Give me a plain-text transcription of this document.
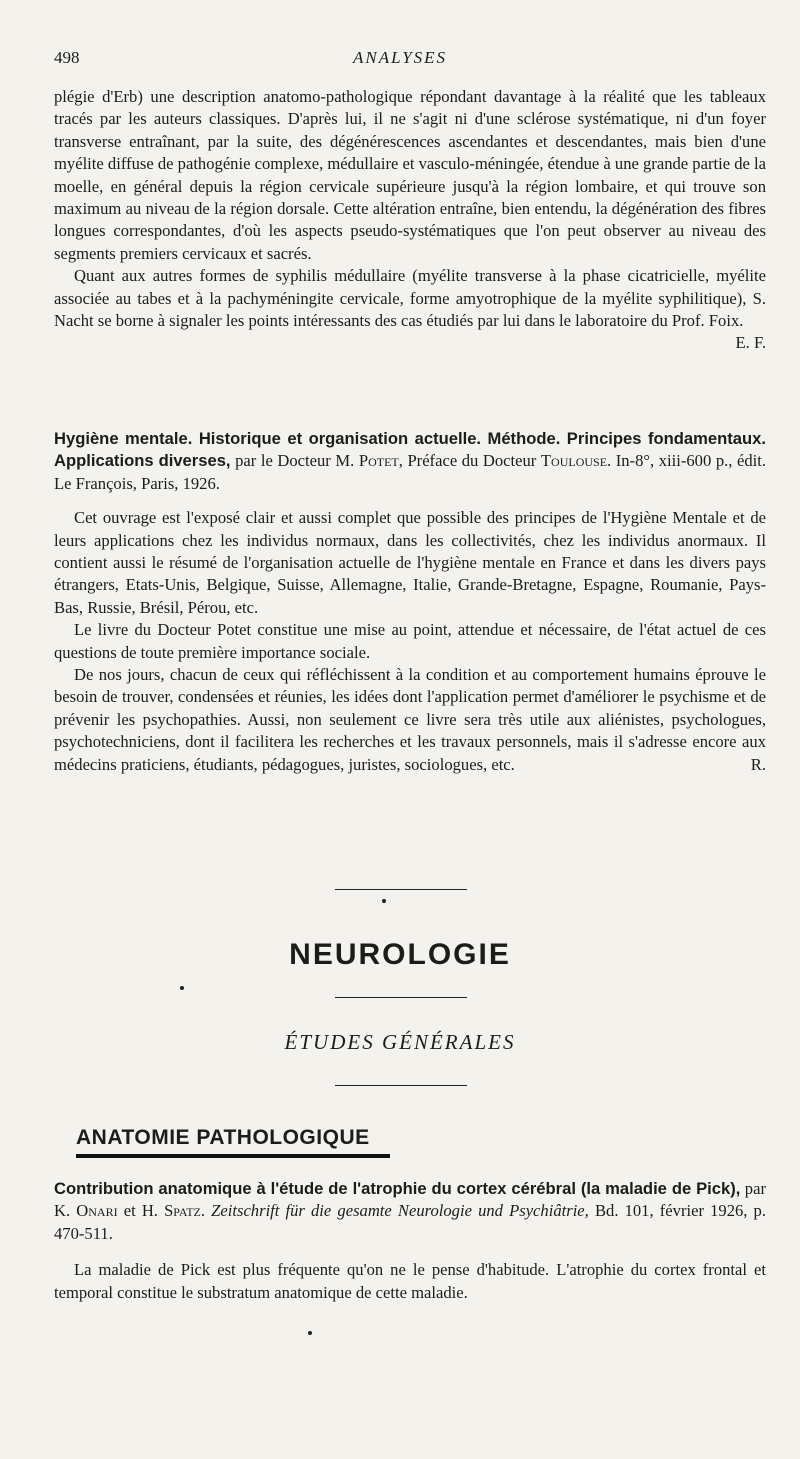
498	ANALYSES

plégie d'Erb) une description anatomo-pathologique répondant davantage à la réalité que les tableaux tracés par les auteurs classiques. D'après lui, il ne s'agit ni d'une sclérose systématique, ni d'un foyer transverse entraînant, par la suite, des dégénérescences ascendantes et descendantes, mais bien d'une myélite diffuse de pathogénie complexe, médullaire et vasculo-méningée, étendue à une grande partie de la moelle, en général depuis la région cervicale supérieure jusqu'à la région lombaire, et qui trouve son maximum au niveau de la région dorsale. Cette altération entraîne, bien entendu, la dégénération des fibres longues correspondantes, d'où les aspects pseudo-systématiques que l'on peut observer au niveau des segments premiers cervicaux et sacrés.

Quant aux autres formes de syphilis médullaire (myélite transverse à la phase cicatricielle, myélite associée au tabes et à la pachyméningite cervicale, forme amyotrophique de la myélite syphilitique), S. Nacht se borne à signaler les points intéressants des cas étudiés par lui dans le laboratoire du Prof. Foix.
E. F.

Hygiène mentale. Historique et organisation actuelle. Méthode. Principes fondamentaux. Applications diverses, par le Docteur M. Potet, Préface du Docteur Toulouse. In-8°, xiii-600 p., édit. Le François, Paris, 1926.

Cet ouvrage est l'exposé clair et aussi complet que possible des principes de l'Hygiène Mentale et de leurs applications chez les individus normaux, dans les collectivités, chez les individus anormaux. Il contient aussi le résumé de l'organisation actuelle de l'hygiène mentale en France et dans les divers pays étrangers, Etats-Unis, Belgique, Suisse, Allemagne, Italie, Grande-Bretagne, Espagne, Roumanie, Pays-Bas, Russie, Brésil, Pérou, etc.

Le livre du Docteur Potet constitue une mise au point, attendue et nécessaire, de l'état actuel de ces questions de toute première importance sociale.

De nos jours, chacun de ceux qui réfléchissent à la condition et au comportement humains éprouve le besoin de trouver, condensées et réunies, les idées dont l'application permet d'améliorer le psychisme et de prévenir les psychopathies. Aussi, non seulement ce livre sera très utile aux aliénistes, psychologues, psychotechniciens, dont il facilitera les recherches et les travaux personnels, mais il s'adresse encore aux médecins praticiens, étudiants, pédagogues, juristes, sociologues, etc.	R.

NEUROLOGIE
ÉTUDES GÉNÉRALES
ANATOMIE PATHOLOGIQUE

Contribution anatomique à l'étude de l'atrophie du cortex cérébral (la maladie de Pick), par K. Onari et H. Spatz. Zeitschrift für die gesamte Neurologie und Psychiâtrie, Bd. 101, février 1926, p. 470-511.

La maladie de Pick est plus fréquente qu'on ne le pense d'habitude. L'atrophie du cortex frontal et temporal constitue le substratum anatomique de cette maladie.
